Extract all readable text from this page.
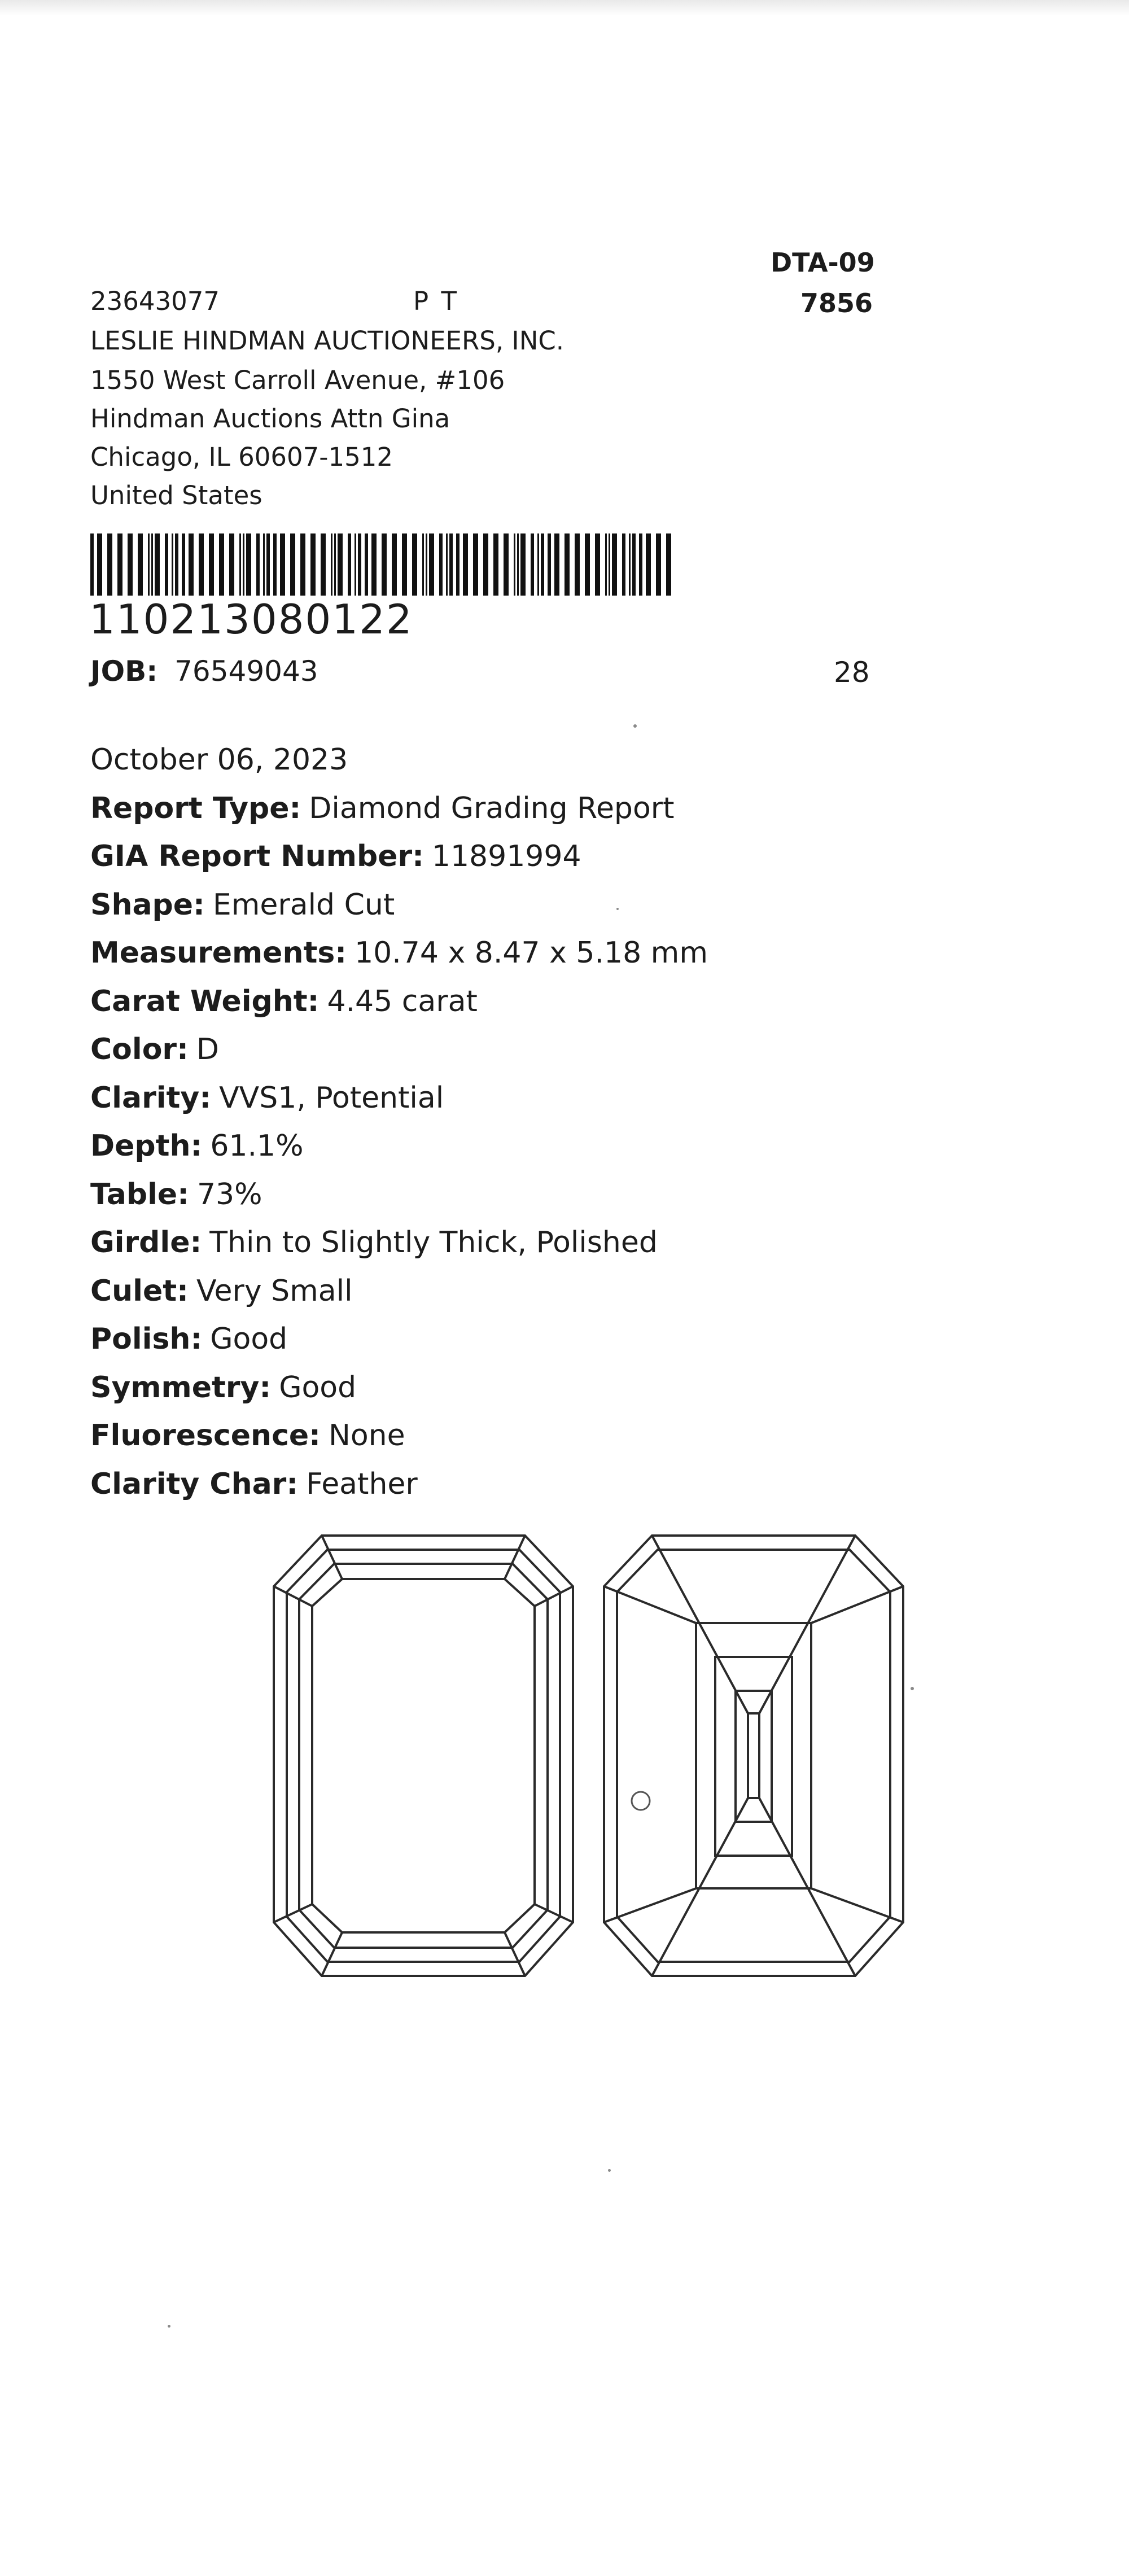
23643077	P T
DTA-09
7856
LESLIE HINDMAN AUCTIONEERS, INC.
1550 West Carroll Avenue, #106
Hindman Auctions Attn Gina
Chicago, IL 60607-1512
United States
110213080122
JOB: 76549043	28
October 06, 2023
Report Type: Diamond Grading Report
GIA Report Number: 11891994
Shape: Emerald Cut
Measurements: 10.74 x 8.47 x 5.18 mm
Carat Weight: 4.45 carat
Color: D
Clarity: VVS1, Potential
Depth: 61.1%
Table: 73%
Girdle: Thin to Slightly Thick, Polished
Culet: Very Small
Polish: Good
Symmetry: Good
Fluorescence: None
Clarity Char: Feather
